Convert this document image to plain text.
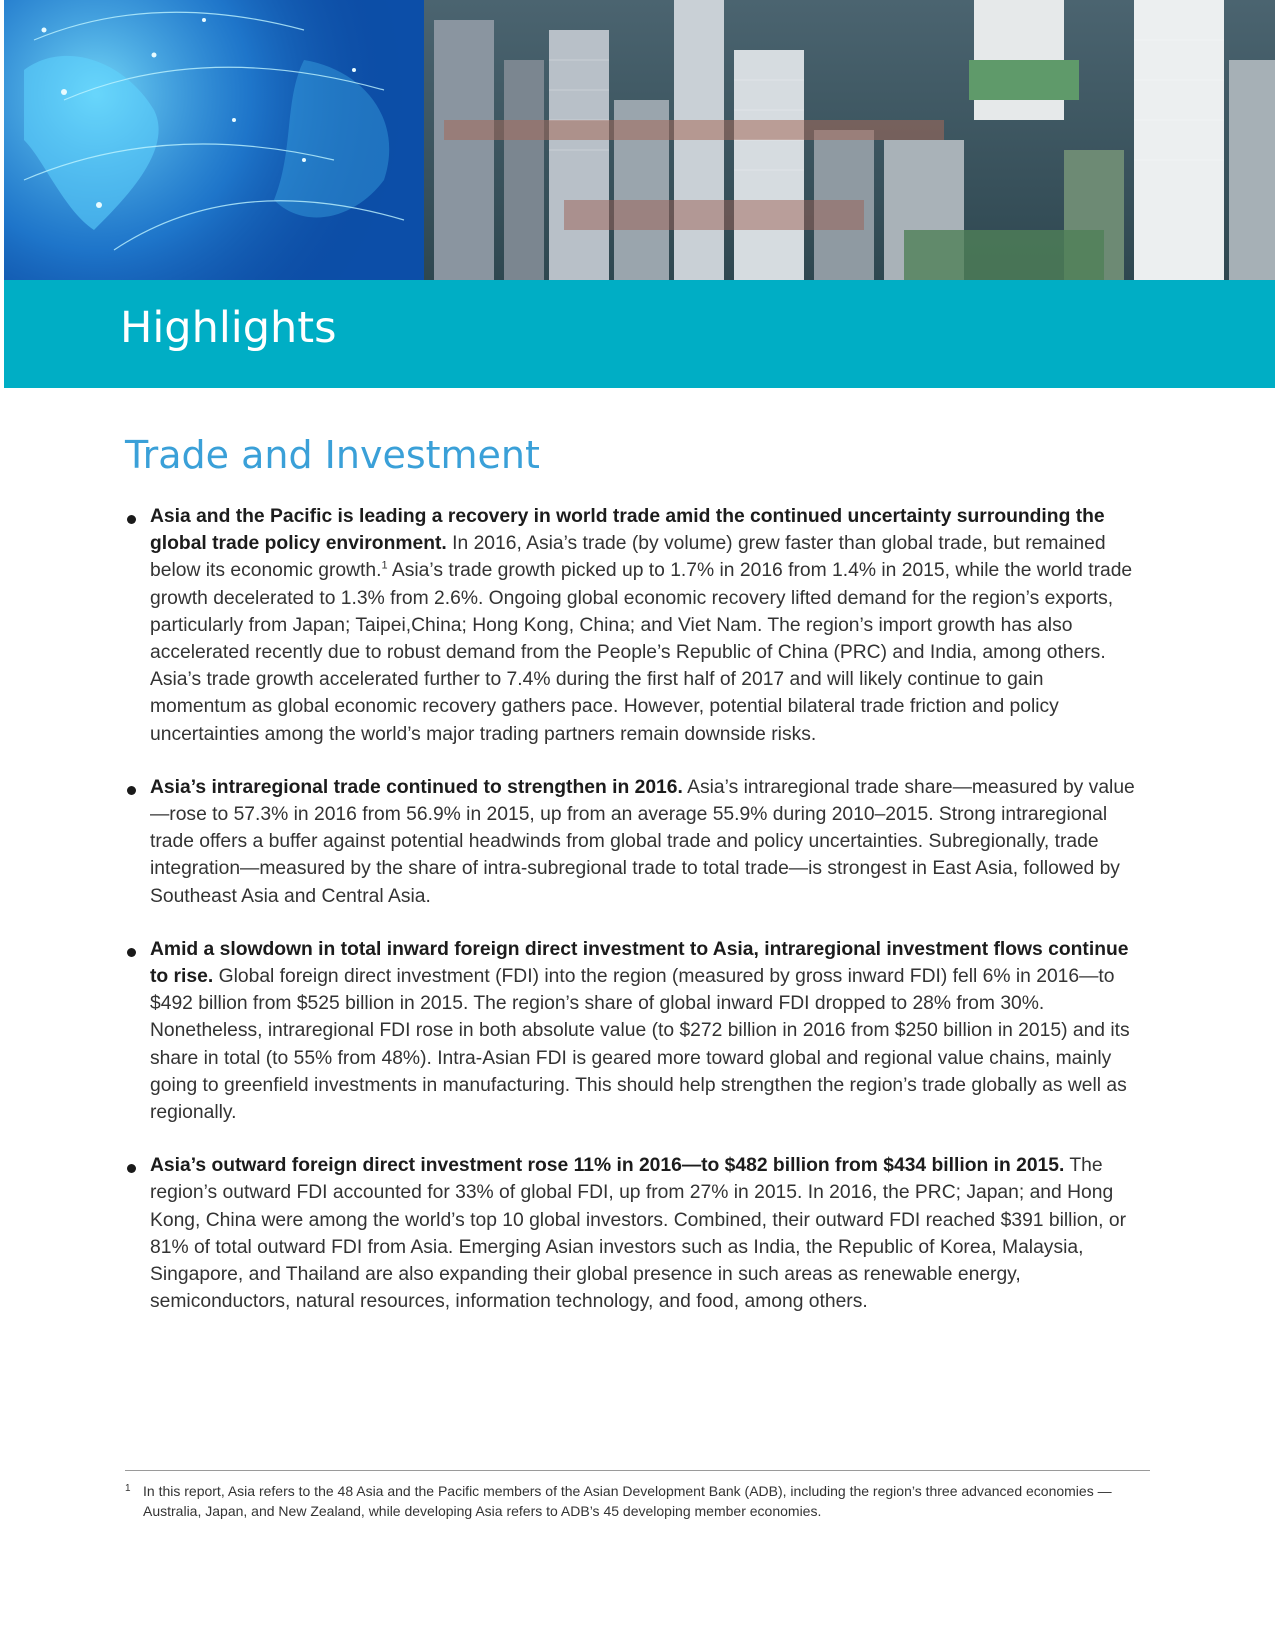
Highlights
Trade and Investment
Asia and the Pacific is leading a recovery in world trade amid the continued uncertainty surrounding the global trade policy environment. In 2016, Asia’s trade (by volume) grew faster than global trade, but remained below its economic growth.$^1$ Asia’s trade growth picked up to 1.7% in 2016 from 1.4% in 2015, while the world trade growth decelerated to 1.3% from 2.6%. Ongoing global economic recovery lifted demand for the region’s exports, particularly from Japan; Taipei,China; Hong Kong, China; and Viet Nam. The region’s import growth has also accelerated recently due to robust demand from the People’s Republic of China (PRC) and India, among others. Asia’s trade growth accelerated further to 7.4% during the first half of 2017 and will likely continue to gain momentum as global economic recovery gathers pace. However, potential bilateral trade friction and policy uncertainties among the world’s major trading partners remain downside risks.
Asia’s intraregional trade continued to strengthen in 2016. Asia’s intraregional trade share—measured by value—rose to 57.3% in 2016 from 56.9% in 2015, up from an average 55.9% during 2010–2015. Strong intraregional trade offers a buffer against potential headwinds from global trade and policy uncertainties. Subregionally, trade integration—measured by the share of intra-subregional trade to total trade—is strongest in East Asia, followed by Southeast Asia and Central Asia.
Amid a slowdown in total inward foreign direct investment to Asia, intraregional investment flows continue to rise. Global foreign direct investment (FDI) into the region (measured by gross inward FDI) fell 6% in 2016—to $492 billion from $525 billion in 2015. The region’s share of global inward FDI dropped to 28% from 30%. Nonetheless, intraregional FDI rose in both absolute value (to $272 billion in 2016 from $250 billion in 2015) and its share in total (to 55% from 48%). Intra-Asian FDI is geared more toward global and regional value chains, mainly going to greenfield investments in manufacturing. This should help strengthen the region’s trade globally as well as regionally.
Asia’s outward foreign direct investment rose 11% in 2016—to $482 billion from $434 billion in 2015. The region’s outward FDI accounted for 33% of global FDI, up from 27% in 2015. In 2016, the PRC; Japan; and Hong Kong, China were among the world’s top 10 global investors. Combined, their outward FDI reached $391 billion, or 81% of total outward FDI from Asia. Emerging Asian investors such as India, the Republic of Korea, Malaysia, Singapore, and Thailand are also expanding their global presence in such areas as renewable energy, semiconductors, natural resources, information technology, and food, among others.
1 In this report, Asia refers to the 48 Asia and the Pacific members of the Asian Development Bank (ADB), including the region’s three advanced economies —Australia, Japan, and New Zealand, while developing Asia refers to ADB’s 45 developing member economies.
